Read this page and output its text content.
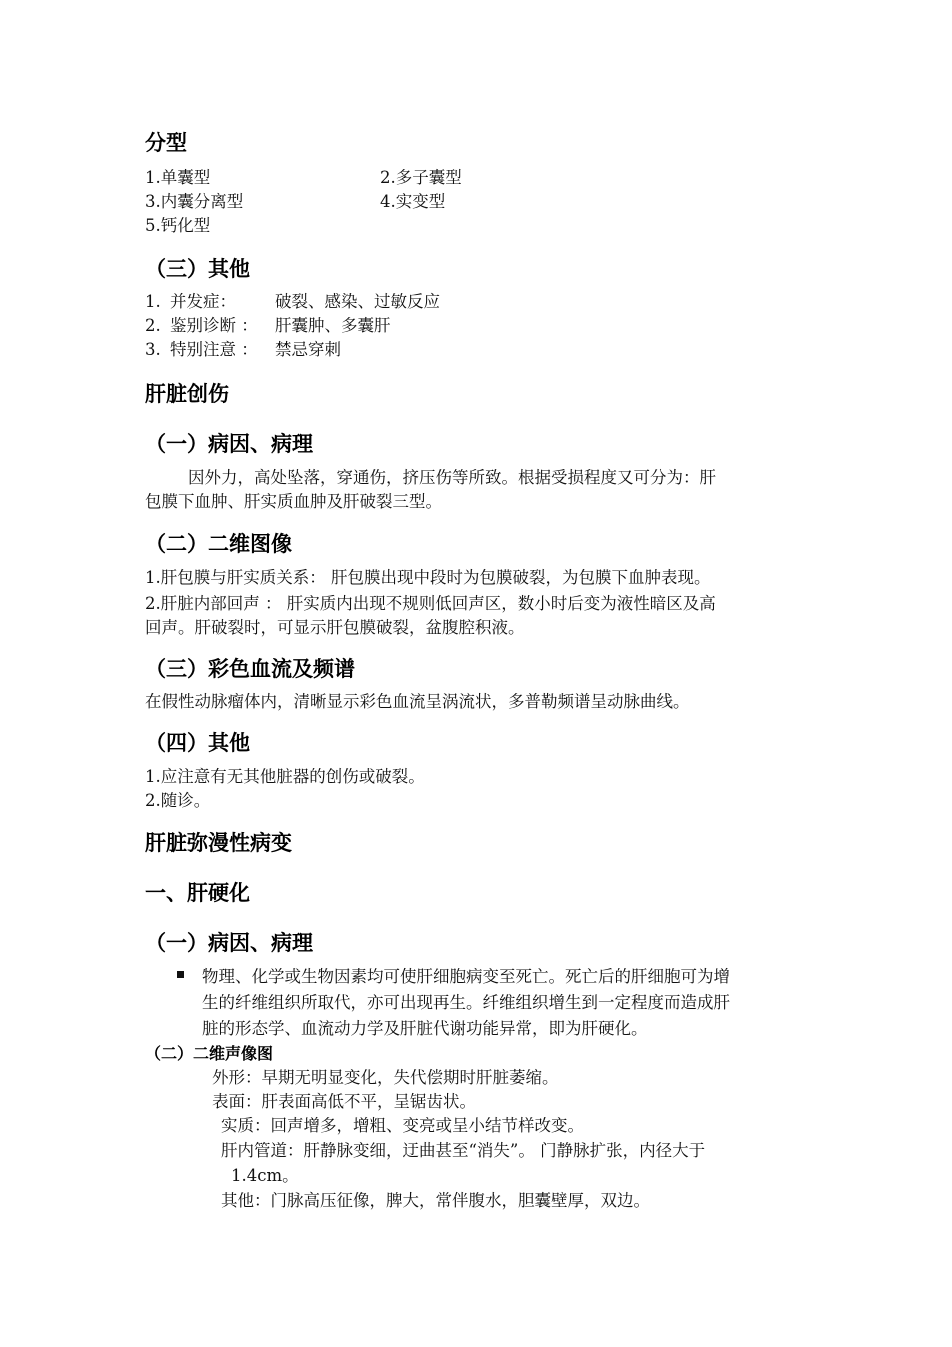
分型
1.单囊型	2.多子囊型
3.内囊分离型	4.实变型
5.钙化型
（三）其他
1. 并发症： 破裂、感染、过敏反应
2. 鉴别诊断 ： 肝囊肿、多囊肝
3. 特别注意 ： 禁忌穿刺
肝脏创伤
（一）病因、病理
因外力，高处坠落，穿通伤，挤压伤等所致。根据受损程度又可分为：肝
包膜下血肿、肝实质血肿及肝破裂三型。
（二）二维图像
1.肝包膜与肝实质关系： 肝包膜出现中段时为包膜破裂，为包膜下血肿表现。
2.肝脏内部回声 ： 肝实质内出现不规则低回声区，数小时后变为液性暗区及高
回声。肝破裂时，可显示肝包膜破裂，盆腹腔积液。
（三）彩色血流及频谱
在假性动脉瘤体内，清晰显示彩色血流呈涡流状，多普勒频谱呈动脉曲线。
（四）其他
1.应注意有无其他脏器的创伤或破裂。
2.随诊。
肝脏弥漫性病变
一、肝硬化
（一）病因、病理
物理、化学或生物因素均可使肝细胞病变至死亡。死亡后的肝细胞可为增
生的纤维组织所取代，亦可出现再生。纤维组织增生到一定程度而造成肝
脏的形态学、血流动力学及肝脏代谢功能异常，即为肝硬化。
（二）二维声像图
外形：早期无明显变化，失代偿期时肝脏萎缩。
表面：肝表面高低不平，呈锯齿状。
实质：回声增多，增粗、变亮或呈小结节样改变。
肝内管道：肝静脉变细，迂曲甚至“消失”。 门静脉扩张，内径大于
1.4cm。
其他：门脉高压征像，脾大，常伴腹水，胆囊壁厚，双边。
